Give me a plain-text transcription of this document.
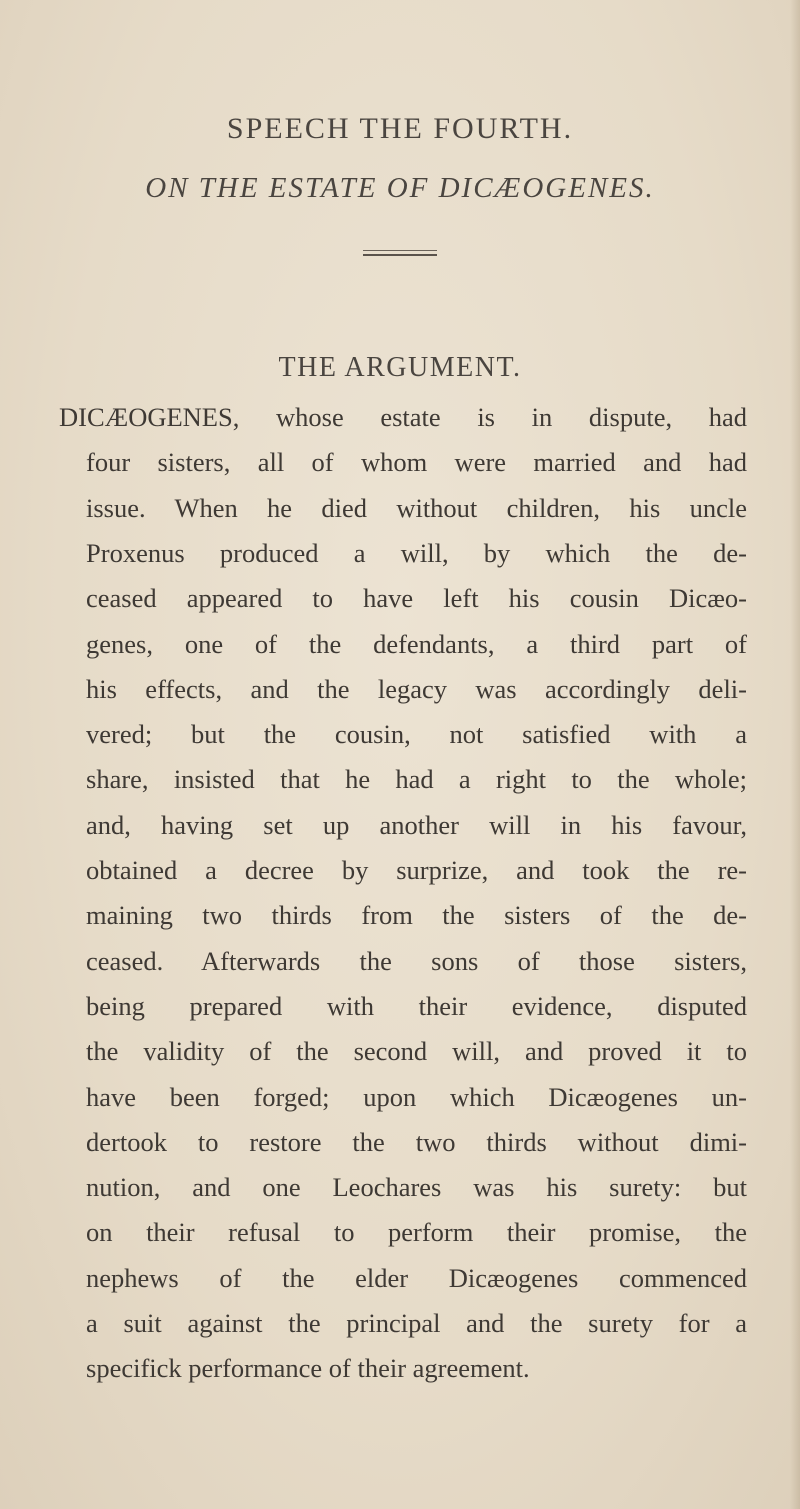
SPEECH THE FOURTH.
ON THE ESTATE OF DICÆOGENES.
THE ARGUMENT.
DICÆOGENES, whose estate is in dispute, had
four sisters, all of whom were married and had
issue. When he died without children, his uncle
Proxenus produced a will, by which the de-
ceased appeared to have left his cousin Dicæo-
genes, one of the defendants, a third part of
his effects, and the legacy was accordingly deli-
vered; but the cousin, not satisfied with a
share, insisted that he had a right to the whole;
and, having set up another will in his favour,
obtained a decree by surprize, and took the re-
maining two thirds from the sisters of the de-
ceased. Afterwards the sons of those sisters,
being prepared with their evidence, disputed
the validity of the second will, and proved it to
have been forged; upon which Dicæogenes un-
dertook to restore the two thirds without dimi-
nution, and one Leochares was his surety: but
on their refusal to perform their promise, the
nephews of the elder Dicæogenes commenced
a suit against the principal and the surety for a
specifick performance of their agreement.
